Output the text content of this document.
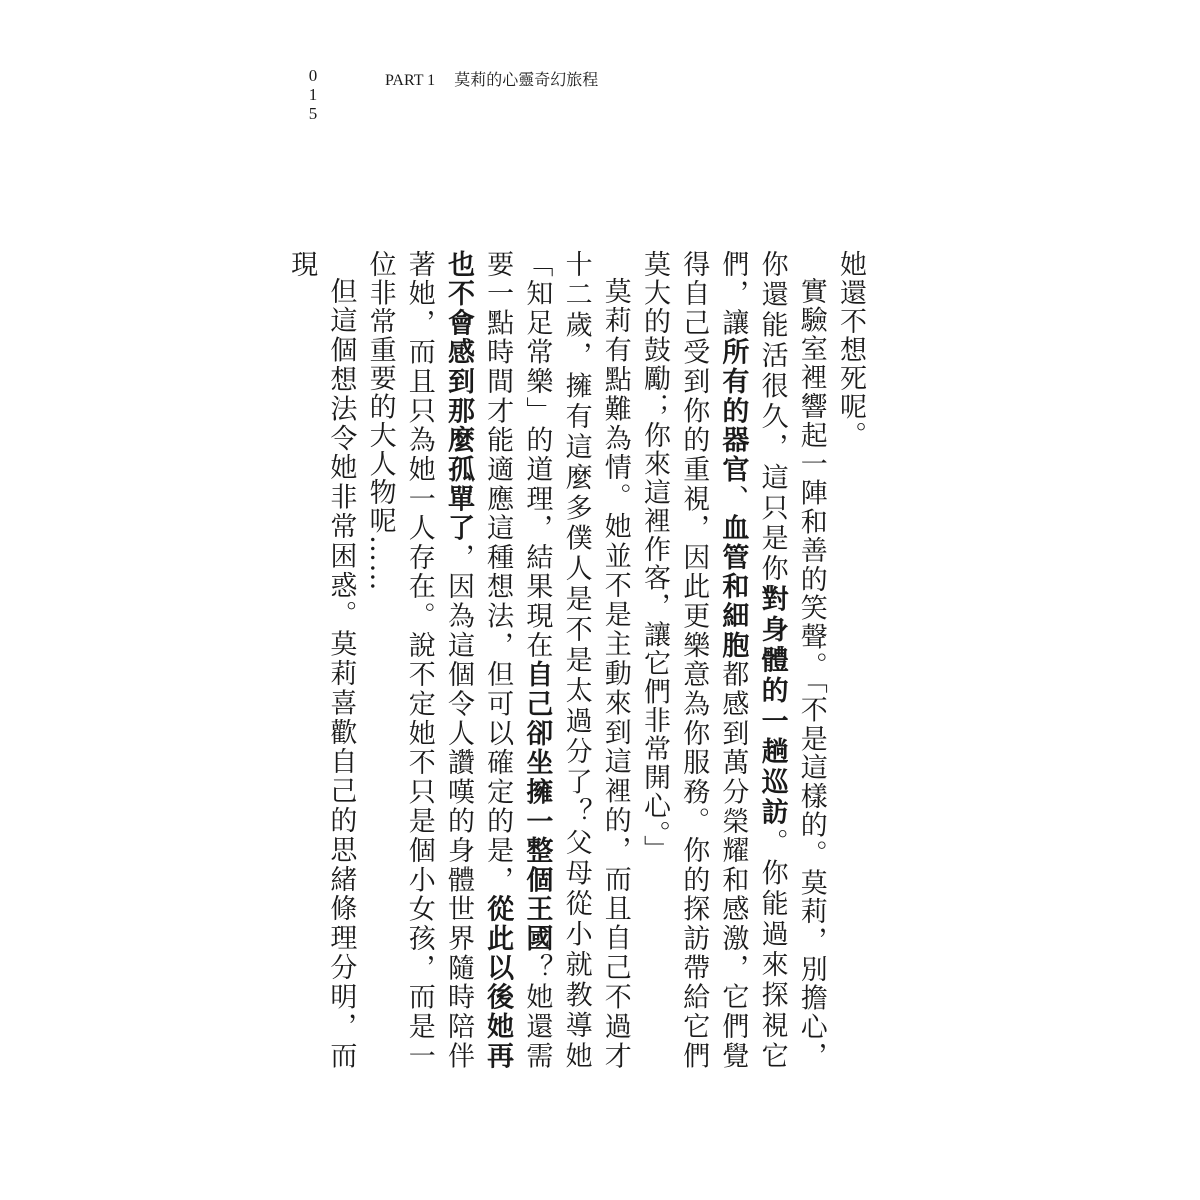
0
1
5
PART 1 莫莉的心靈奇幻旅程

她還不想死呢。

實驗室裡響起一陣和善的笑聲。「不是這樣的。莫莉，別擔心，你還能活很久，這只是你對身體的一趟巡訪。你能過來探視它們，讓所有的器官、血管和細胞都感到萬分榮耀和感激，它們覺得自己受到你的重視，因此更樂意為你服務。你的探訪帶給它們莫大的鼓勵；你來這裡作客，讓它們非常開心。」

莫莉有點難為情。她並不是主動來到這裡的，而且自己不過才十二歲，擁有這麼多僕人是不是太過分了？父母從小就教導她「知足常樂」的道理，結果現在自己卻坐擁一整個王國？她還需要一點時間才能適應這種想法，但可以確定的是，從此以後她再也不會感到那麼孤單了，因為這個令人讚嘆的身體世界隨時陪伴著她，而且只為她一人存在。說不定她不只是個小女孩，而是一位非常重要的大人物呢……

但這個想法令她非常困惑。莫莉喜歡自己的思緒條理分明，而現
